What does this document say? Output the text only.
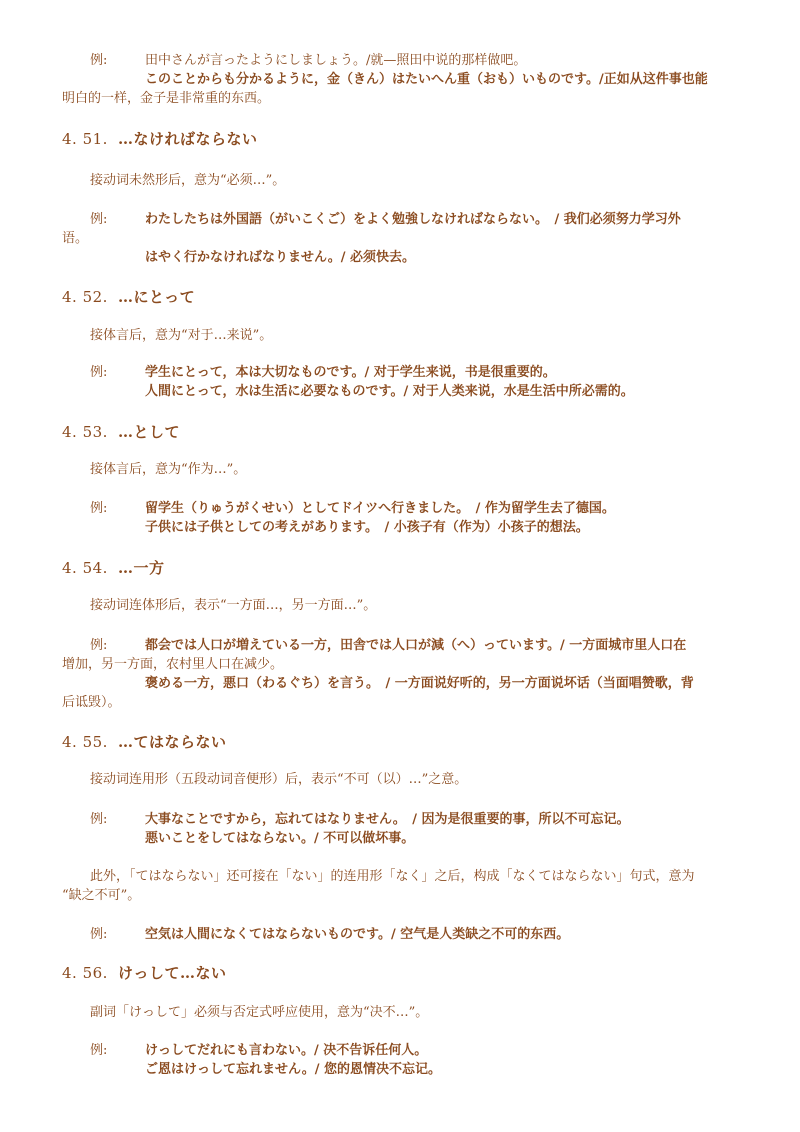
例:	田中さんが言ったようにしましょう。/就—照田中说的那样做吧。
このことからも分かるように，金（きん）はたいへん重（おも）いものです。/正如从这件事也能
明白的一样，金子是非常重的东西。
4. 51. …なければならない
接动词未然形后，意为“必须…”。
例:	わたしたちは外国語（がいこくご）をよく勉強しなければならない。　/ 我们必须努力学习外
语。
はやく行かなければなりません。/ 必须快去。
4. 52. …にとって
接体言后，意为“对于…来说”。
例:	学生にとって，本は大切なものです。/ 对于学生来说，书是很重要的。
人間にとって，水は生活に必要なものです。/ 对于人类来说，水是生活中所必需的。
4. 53. …として
接体言后，意为“作为…”。
例:	留学生（りゅうがくせい）としてドイツへ行きました。　/ 作为留学生去了德国。
子供には子供としての考えがあります。　/ 小孩子有（作为）小孩子的想法。
4. 54. …一方
接动词连体形后，表示“一方面…，另一方面…”。
例:	都会では人口が増えている一方，田舎では人口が減（へ）っています。/ 一方面城市里人口在
增加，另一方面，农村里人口在减少。
褒める一方，悪口（わるぐち）を言う。　/ 一方面说好听的，另一方面说坏话（当面唱赞歌，背
后诋毁）。
4. 55. …てはならない
接动词连用形（五段动词音便形）后，表示“不可（以）…”之意。
例:	大事なことですから，忘れてはなりません。　/ 因为是很重要的事，所以不可忘记。
悪いことをしてはならない。/ 不可以做坏事。
此外，「てはならない」还可接在「ない」的连用形「なく」之后，构成「なくてはならない」句式，意为
“缺之不可”。
例:	空気は人間になくてはならないものです。/ 空气是人类缺之不可的东西。
4. 56. けっして…ない
副词「けっして」必须与否定式呼应使用，意为“决不…”。
例:	けっしてだれにも言わない。/ 决不告诉任何人。
ご恩はけっして忘れません。/ 您的恩情决不忘记。
